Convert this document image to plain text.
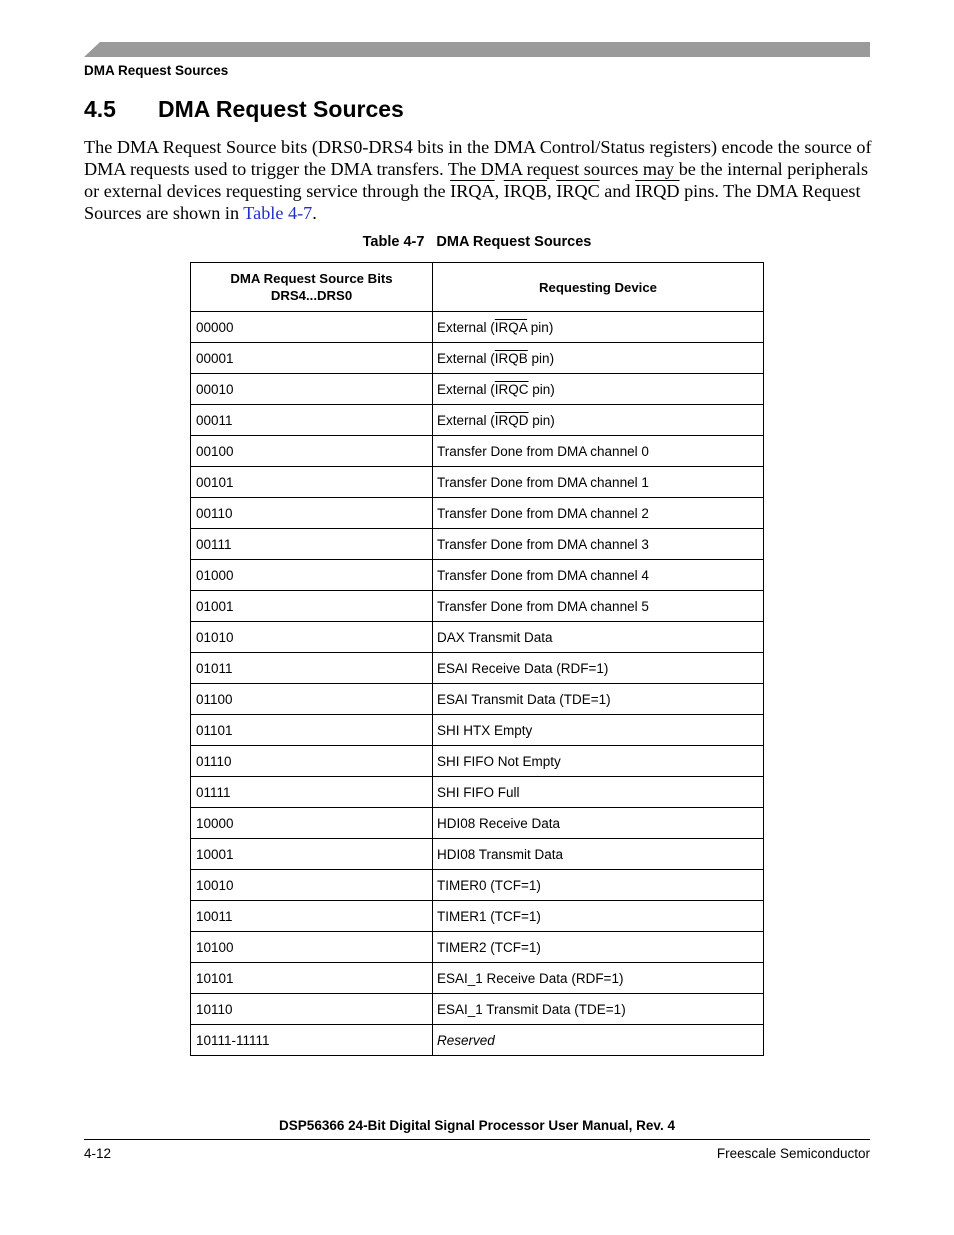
DMA Request Sources
4.5	DMA Request Sources

The DMA Request Source bits (DRS0-DRS4 bits in the DMA Control/Status registers) encode the source of DMA requests used to trigger the DMA transfers. The DMA request sources may be the internal peripherals or external devices requesting service through the IRQA, IRQB, IRQC and IRQD pins. The DMA Request Sources are shown in Table 4-7.

Table 4-7 DMA Request Sources
DMA Request Source Bits
DRS4...DRS0	Requesting Device
00000	External (IRQA pin)
00001	External (IRQB pin)
00010	External (IRQC pin)
00011	External (IRQD pin)
00100	Transfer Done from DMA channel 0
00101	Transfer Done from DMA channel 1
00110	Transfer Done from DMA channel 2
00111	Transfer Done from DMA channel 3
01000	Transfer Done from DMA channel 4
01001	Transfer Done from DMA channel 5
01010	DAX Transmit Data
01011	ESAI Receive Data (RDF=1)
01100	ESAI Transmit Data (TDE=1)
01101	SHI HTX Empty
01110	SHI FIFO Not Empty
01111	SHI FIFO Full
10000	HDI08 Receive Data
10001	HDI08 Transmit Data
10010	TIMER0 (TCF=1)
10011	TIMER1 (TCF=1)
10100	TIMER2 (TCF=1)
10101	ESAI_1 Receive Data (RDF=1)
10110	ESAI_1 Transmit Data (TDE=1)
10111-11111	Reserved
DSP56366 24-Bit Digital Signal Processor User Manual, Rev. 4
4-12	Freescale Semiconductor
